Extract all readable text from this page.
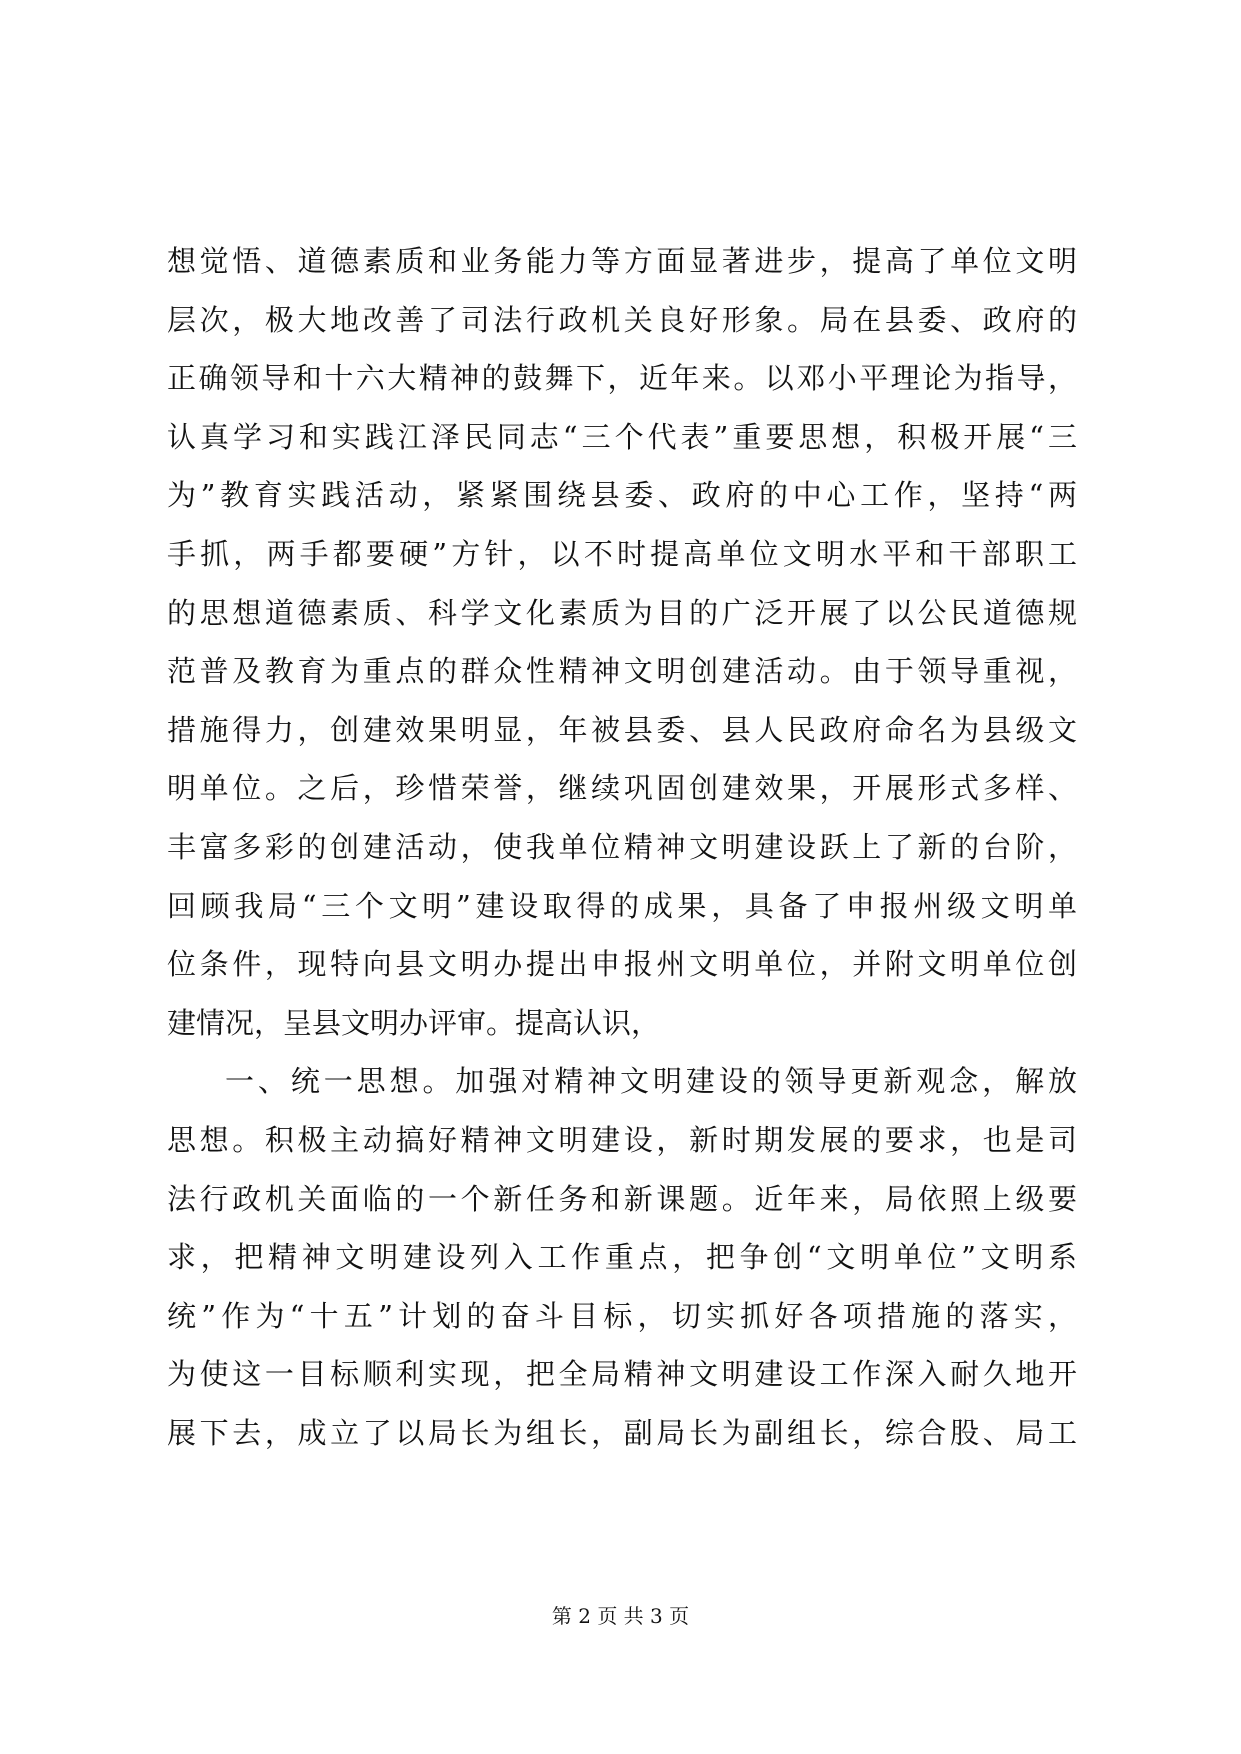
想觉悟、道德素质和业务能力等方面显著进步，提高了单位文明
层次，极大地改善了司法行政机关良好形象。局在县委、政府的
正确领导和十六大精神的鼓舞下，近年来。以邓小平理论为指导，
认真学习和实践江泽民同志“三个代表”重要思想，积极开展“三
为”教育实践活动，紧紧围绕县委、政府的中心工作，坚持“两
手抓，两手都要硬”方针，以不时提高单位文明水平和干部职工
的思想道德素质、科学文化素质为目的广泛开展了以公民道德规
范普及教育为重点的群众性精神文明创建活动。由于领导重视，
措施得力，创建效果明显，年被县委、县人民政府命名为县级文
明单位。之后，珍惜荣誉，继续巩固创建效果，开展形式多样、
丰富多彩的创建活动，使我单位精神文明建设跃上了新的台阶，
回顾我局“三个文明”建设取得的成果，具备了申报州级文明单
位条件，现特向县文明办提出申报州文明单位，并附文明单位创
建情况，呈县文明办评审。提高认识，
一、统一思想。加强对精神文明建设的领导更新观念，解放
思想。积极主动搞好精神文明建设，新时期发展的要求，也是司
法行政机关面临的一个新任务和新课题。近年来，局依照上级要
求，把精神文明建设列入工作重点，把争创“文明单位”文明系
统”作为“十五”计划的奋斗目标，切实抓好各项措施的落实，
为使这一目标顺利实现，把全局精神文明建设工作深入耐久地开
展下去，成立了以局长为组长，副局长为副组长，综合股、局工
第 2 页 共 3 页
